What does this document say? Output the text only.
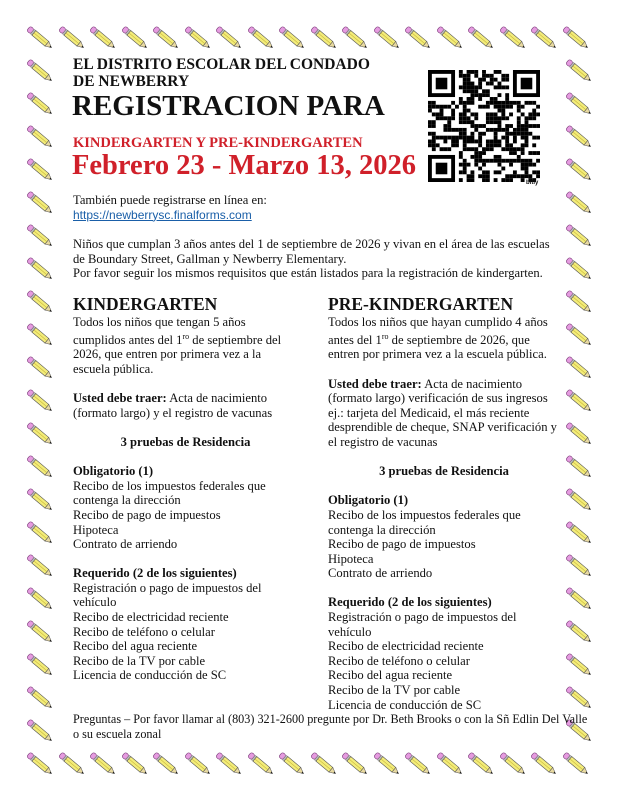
EL DISTRITO ESCOLAR DEL CONDADO
DE NEWBERRY
REGISTRACION PARA
KINDERGARTEN Y PRE-KINDERGARTEN
Febrero 23 - Marzo 13, 2026
bitly
También puede registrarse en línea en:
https://newberrysc.finalforms.com
Niños que cumplan 3 años antes del 1 de septiembre de 2026 y vivan en el área de las escuelas
de Boundary Street, Gallman y Newberry Elementary.
Por favor seguir los mismos requisitos que están listados para la registración de kindergarten.
KINDERGARTEN

Todos los niños que tengan 5 años cumplidos antes del $1^{ro}$ de septiembre del 2026, que entren por primera vez a la escuela pública.

Usted debe traer: Acta de nacimiento (formato largo) y el registro de vacunas

3 pruebas de Residencia

Obligatorio (1)
Recibo de los impuestos federales que contenga la dirección
Recibo de pago de impuestos
Hipoteca
Contrato de arriendo

Requerido (2 de los siguientes)
Registración o pago de impuestos del vehículo
Recibo de electricidad reciente
Recibo de teléfono o celular
Recibo del agua reciente
Recibo de la TV por cable
Licencia de conducción de SC

PRE-KINDERGARTEN

Todos los niños que hayan cumplido 4 años antes del $1^{ro}$ de septiembre de 2026, que entren por primera vez a la escuela pública.

Usted debe traer: Acta de nacimiento (formato largo) verificación de sus ingresos ej.: tarjeta del Medicaid, el más reciente desprendible de cheque, SNAP verificación y el registro de vacunas

3 pruebas de Residencia

Obligatorio (1)
Recibo de los impuestos federales que contenga la dirección
Recibo de pago de impuestos
Hipoteca
Contrato de arriendo

Requerido (2 de los siguientes)
Registración o pago de impuestos del vehículo
Recibo de electricidad reciente
Recibo de teléfono o celular
Recibo del agua reciente
Recibo de la TV por cable
Licencia de conducción de SC

Preguntas – Por favor llamar al (803) 321-2600 pregunte por Dr. Beth Brooks o con la Sñ Edlin Del Valle
o su escuela zonal
